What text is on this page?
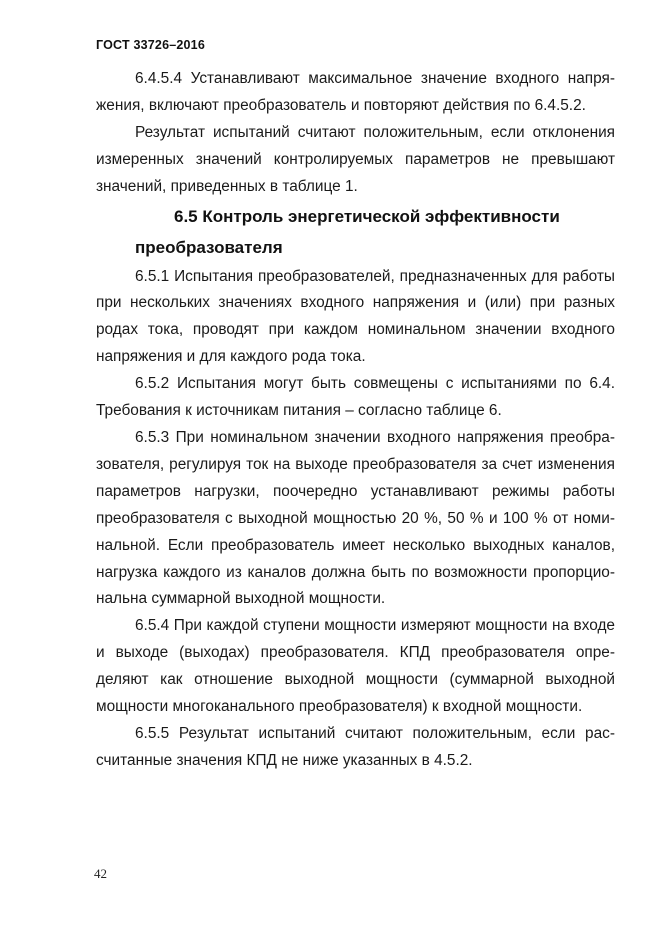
ГОСТ 33726–2016

6.4.5.4 Устанавливают максимальное значение входного напряжения, включают преобразователь и повторяют действия по 6.4.5.2.

Результат испытаний считают положительным, если отклонения измеренных значений контролируемых параметров не превышают значений, приведенных в таблице 1.

6.5 Контроль энергетической эффективности преобразователя

6.5.1 Испытания преобразователей, предназначенных для работы при нескольких значениях входного напряжения и (или) при разных родах тока, проводят при каждом номинальном значении входного напряжения и для каждого рода тока.

6.5.2 Испытания могут быть совмещены с испытаниями по 6.4. Требования к источникам питания – согласно таблице 6.

6.5.3 При номинальном значении входного напряжения преобразователя, регулируя ток на выходе преобразователя за счет изменения параметров нагрузки, поочередно устанавливают режимы работы преобразователя с выходной мощностью 20 %, 50 % и 100 % от номинальной. Если преобразователь имеет несколько выходных каналов, нагрузка каждого из каналов должна быть по возможности пропорциональна суммарной выходной мощности.

6.5.4 При каждой ступени мощности измеряют мощности на входе и выходе (выходах) преобразователя. КПД преобразователя определяют как отношение выходной мощности (суммарной выходной мощности многоканального преобразователя) к входной мощности.

6.5.5 Результат испытаний считают положительным, если рассчитанные значения КПД не ниже указанных в 4.5.2.

42
